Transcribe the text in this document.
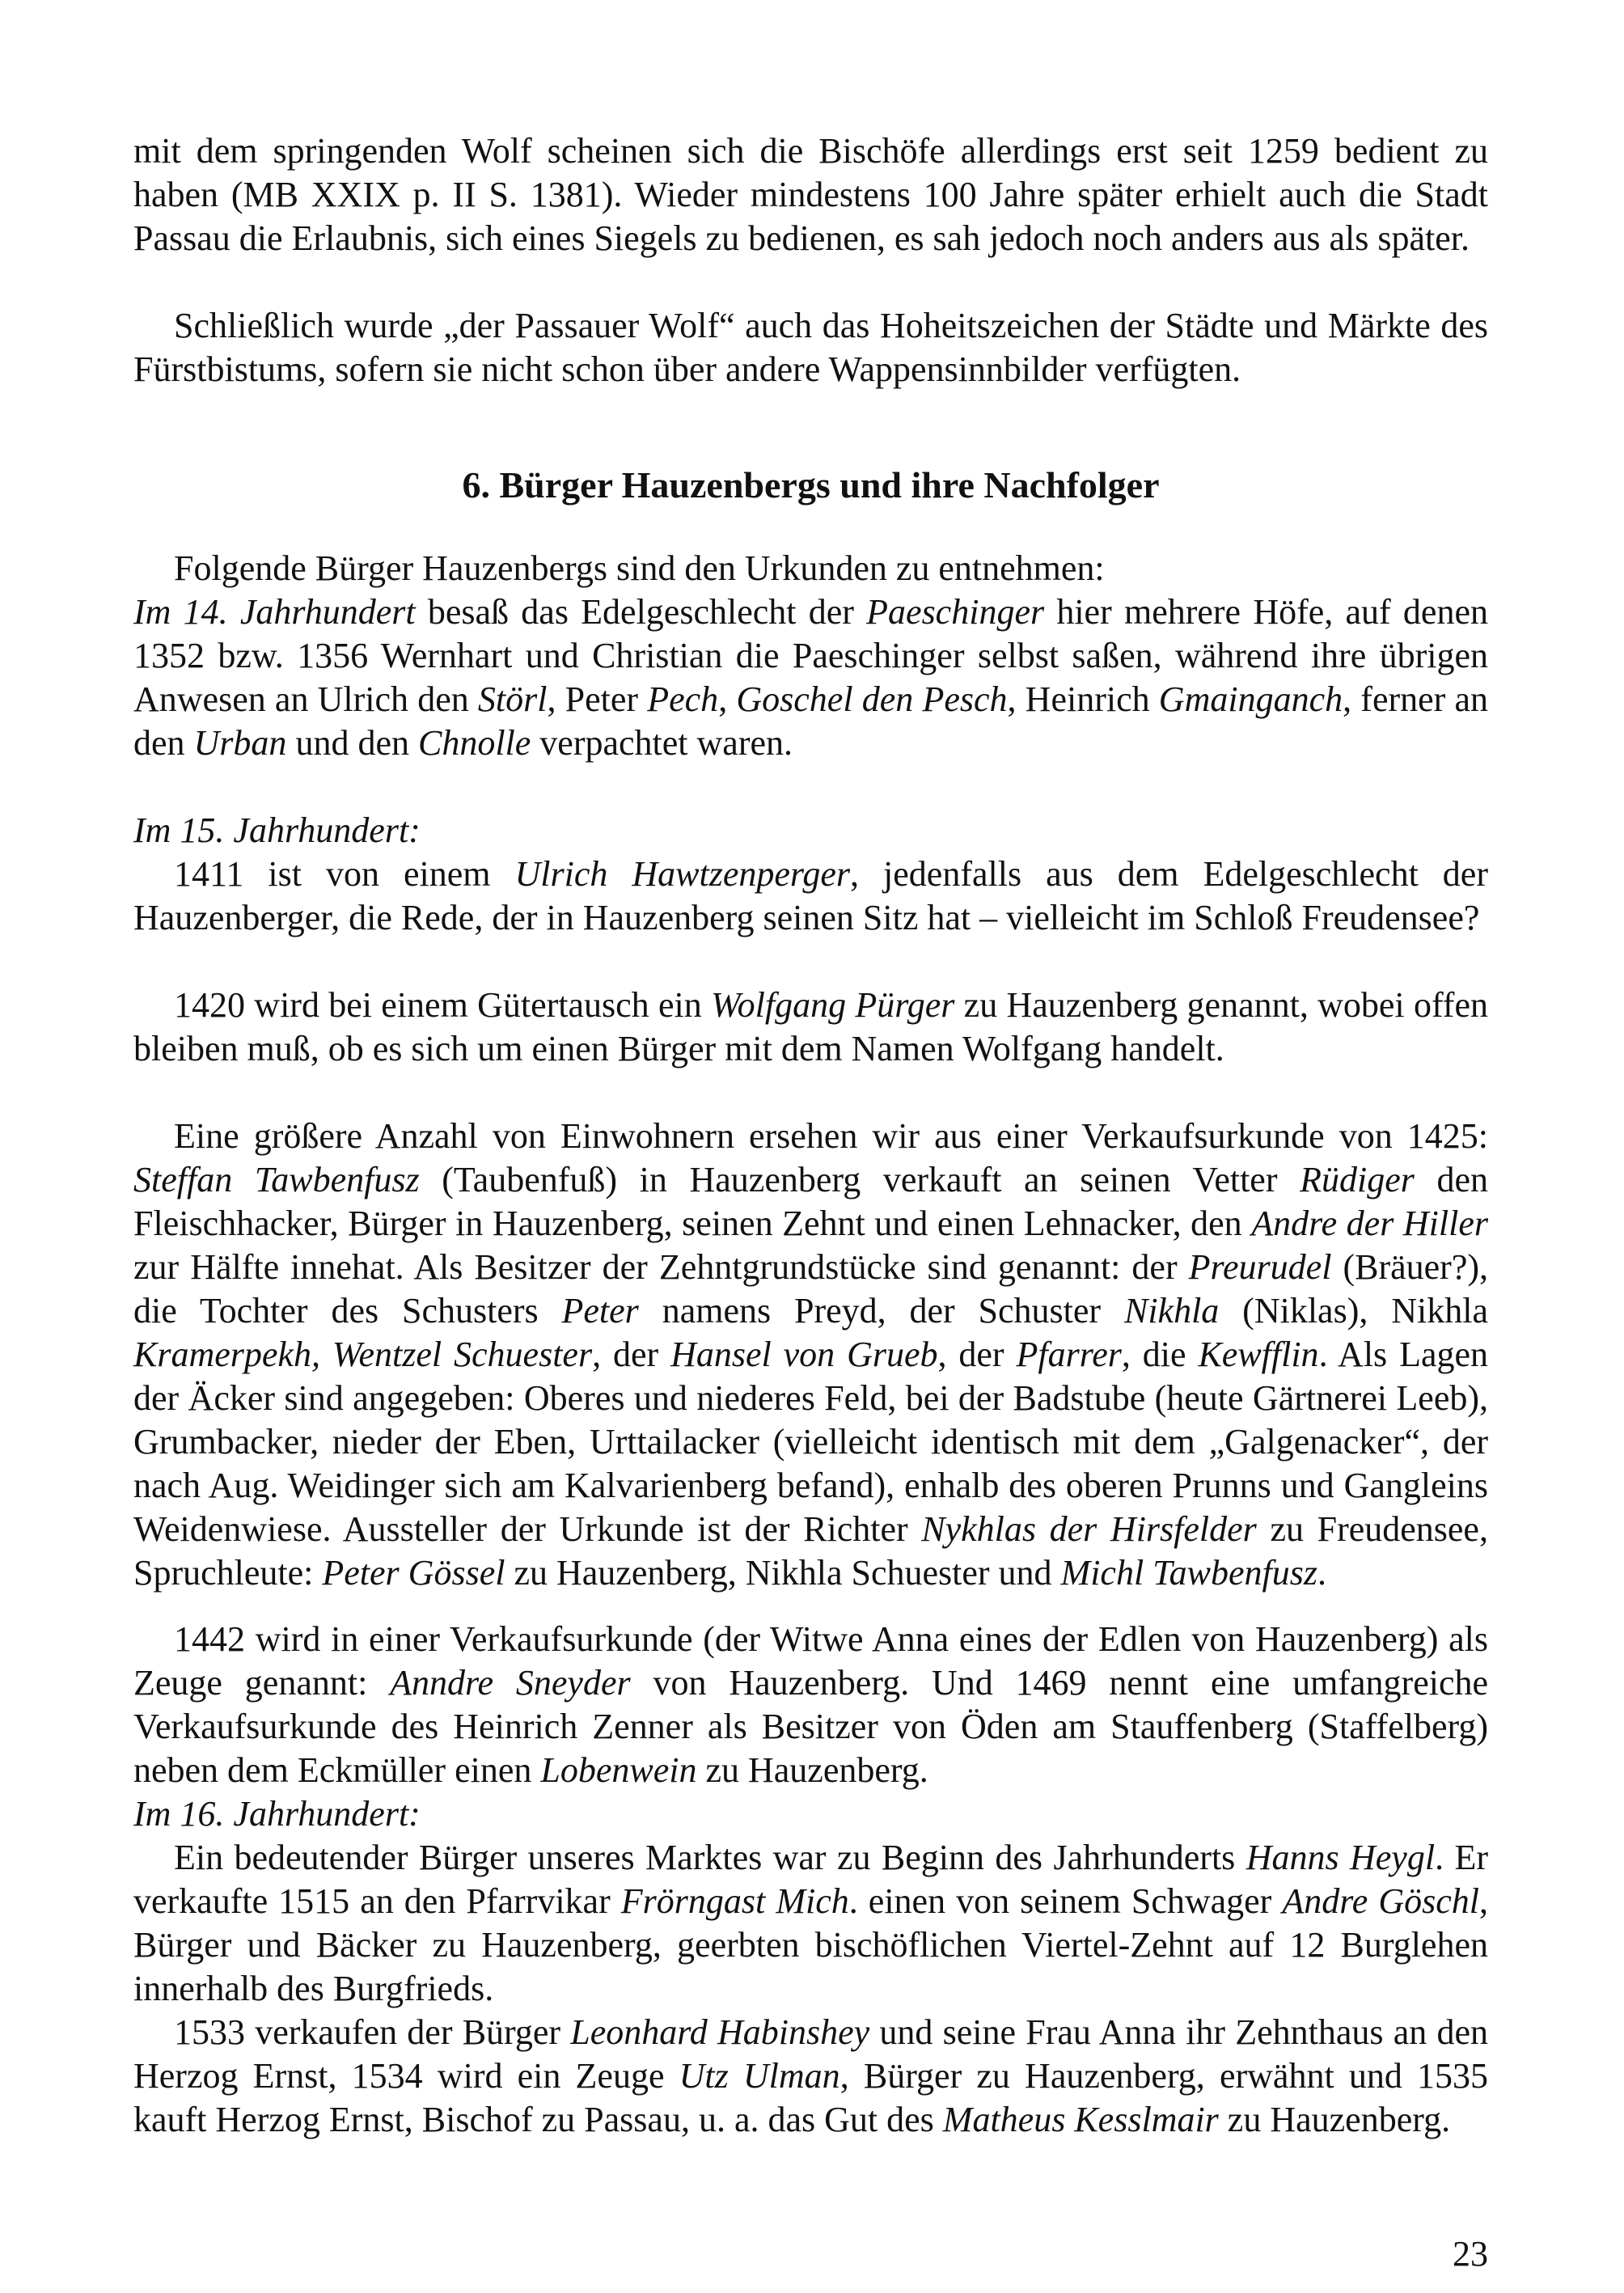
mit dem springenden Wolf scheinen sich die Bischöfe allerdings erst seit 1259 bedient zu haben (MB XXIX p. II S. 1381). Wieder mindestens 100 Jahre später erhielt auch die Stadt Passau die Erlaubnis, sich eines Siegels zu bedienen, es sah jedoch noch anders aus als später.

Schließlich wurde „der Passauer Wolf“ auch das Hoheitszeichen der Städte und Märkte des Fürstbistums, sofern sie nicht schon über andere Wappensinnbilder verfügten.

6. Bürger Hauzenbergs und ihre Nachfolger

Folgende Bürger Hauzenbergs sind den Urkunden zu entnehmen:

Im 14. Jahrhundert besaß das Edelgeschlecht der Paeschinger hier mehrere Höfe, auf denen 1352 bzw. 1356 Wernhart und Christian die Paeschinger selbst saßen, während ihre übrigen Anwesen an Ulrich den Störl, Peter Pech, Goschel den Pesch, Heinrich Gmainganch, ferner an den Urban und den Chnolle verpachtet waren.

Im 15. Jahrhundert:

1411 ist von einem Ulrich Hawtzenperger, jedenfalls aus dem Edelgeschlecht der Hauzenberger, die Rede, der in Hauzenberg seinen Sitz hat – vielleicht im Schloß Freudensee?

1420 wird bei einem Gütertausch ein Wolfgang Pürger zu Hauzenberg genannt, wobei offen bleiben muß, ob es sich um einen Bürger mit dem Namen Wolfgang handelt.

Eine größere Anzahl von Einwohnern ersehen wir aus einer Verkaufsurkunde von 1425: Steffan Tawbenfusz (Taubenfuß) in Hauzenberg verkauft an seinen Vetter Rüdiger den Fleischhacker, Bürger in Hauzenberg, seinen Zehnt und einen Lehnacker, den Andre der Hiller zur Hälfte innehat. Als Besitzer der Zehntgrundstücke sind genannt: der Preurudel (Bräuer?), die Tochter des Schusters Peter namens Preyd, der Schuster Nikhla (Niklas), Nikhla Kramerpekh, Wentzel Schuester, der Hansel von Grueb, der Pfarrer, die Kewfflin. Als Lagen der Äcker sind angegeben: Oberes und niederes Feld, bei der Badstube (heute Gärtnerei Leeb), Grumbacker, nieder der Eben, Urttailacker (vielleicht identisch mit dem „Galgenacker“, der nach Aug. Weidinger sich am Kalvarienberg befand), enhalb des oberen Prunns und Gangleins Weidenwiese. Aussteller der Urkunde ist der Richter Nykhlas der Hirsfelder zu Freudensee, Spruchleute: Peter Gössel zu Hauzenberg, Nikhla Schuester und Michl Tawbenfusz.

1442 wird in einer Verkaufsurkunde (der Witwe Anna eines der Edlen von Hauzenberg) als Zeuge genannt: Anndre Sneyder von Hauzenberg. Und 1469 nennt eine umfangreiche Verkaufsurkunde des Heinrich Zenner als Besitzer von Öden am Stauffenberg (Staffelberg) neben dem Eckmüller einen Lobenwein zu Hauzenberg.

Im 16. Jahrhundert:

Ein bedeutender Bürger unseres Marktes war zu Beginn des Jahrhunderts Hanns Heygl. Er verkaufte 1515 an den Pfarrvikar Frörngast Mich. einen von seinem Schwager Andre Göschl, Bürger und Bäcker zu Hauzenberg, geerbten bischöflichen Viertel-Zehnt auf 12 Burglehen innerhalb des Burgfrieds.

1533 verkaufen der Bürger Leonhard Habinshey und seine Frau Anna ihr Zehnthaus an den Herzog Ernst, 1534 wird ein Zeuge Utz Ulman, Bürger zu Hauzenberg, erwähnt und 1535 kauft Herzog Ernst, Bischof zu Passau, u. a. das Gut des Matheus Kesslmair zu Hauzenberg.

23
